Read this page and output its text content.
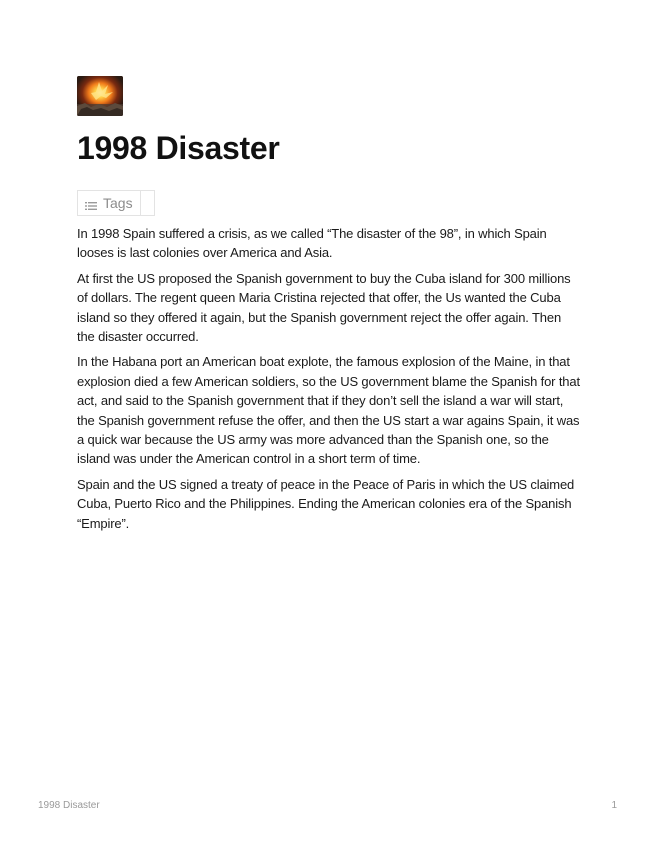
1998 Disaster
Tags

In 1998 Spain suffered a crisis, as we called “The disaster of the 98”, in which Spain looses is last colonies over America and Asia.

At first the US proposed the Spanish government to buy the Cuba island for 300 millions of dollars. The regent queen Maria Cristina rejected that offer, the Us wanted the Cuba island so they offered it again, but the Spanish government reject the offer again. Then the disaster occurred.

In the Habana port an American boat explote, the famous explosion of the Maine, in that explosion died a few American soldiers, so the US government blame the Spanish for that act, and said to the Spanish government that if they don’t sell the island a war will start, the Spanish government refuse the offer, and then the US start a war agains Spain, it was a quick war because the US army was more advanced than the Spanish one, so the island was under the American control in a short term of time.

Spain and the US signed a treaty of peace in the Peace of Paris in which the US claimed Cuba, Puerto Rico and the Philippines. Ending the American colonies era of the Spanish “Empire”.

1998 Disaster	1
